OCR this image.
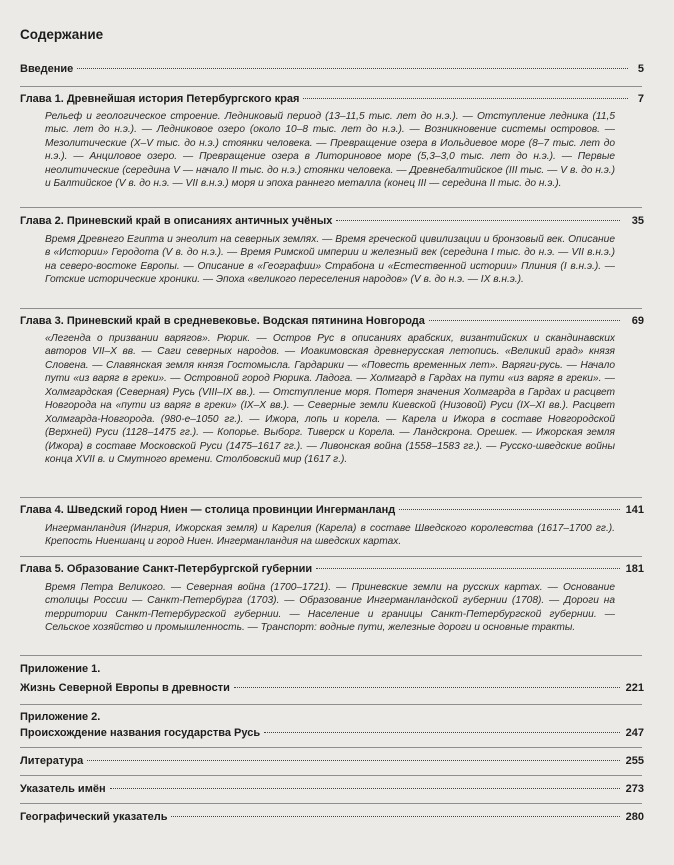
Содержание
Введение	5
Глава 1. Древнейшая история Петербургского края	7
Рельеф и геологическое строение. Ледниковый период (13–11,5 тыс. лет до н.э.). — Отступление ледника (11,5 тыс. лет до н.э.). — Ледниковое озеро (около 10–8 тыс. лет до н.э.). — Возникновение системы островов. — Мезолитические (X–V тыс. до н.э.) стоянки человека. — Превращение озера в Иольдиевое море (8–7 тыс. лет до н.э.). — Анциловое озеро. — Превращение озера в Литориновое море (5,3–3,0 тыс. лет до н.э.). — Первые неолитические (середина V — начало II тыс. до н.э.) стоянки человека. — Древнебалтийское (III тыс. — V в. до н.э.) и Балтийское (V в. до н.э. — VII в.н.э.) моря и эпоха раннего металла (конец III — середина II тыс. до н.э.).
Глава 2. Приневский край в описаниях античных учёных	35
Время Древнего Египта и энеолит на северных землях. — Время греческой цивилизации и бронзовый век. Описание в «Истории» Геродота (V в. до н.э.). — Время Римской империи и железный век (середина I тыс. до н.э. — VII в.н.э.) на северо-востоке Европы. — Описание в «Географии» Страбона и «Естественной истории» Плиния (I в.н.э.). — Готские исторические хроники. — Эпоха «великого переселения народов» (V в. до н.э. — IX в.н.э.).
Глава 3. Приневский край в средневековье. Водская пятинина Новгорода	69
«Легенда о призвании варягов». Рюрик. — Остров Рус в описаниях арабских, византийских и скандинавских авторов VII–X вв. — Саги северных народов. — Иоакимовская древнерусская летопись. «Великий град» князя Словена. — Славянская земля князя Гостомысла. Гардарики — «Повесть временных лет». Варяги-русь. — Начало пути «из варяг в греки». — Островной город Рюрика. Ладога. — Холмгард в Гардах на пути «из варяг в греки». — Холмгардская (Северная) Русь (VIII–IX вв.). — Отступление моря. Потеря значения Холмгарда в Гардах и расцвет Новгорода на «пути из варяг в греки» (IX–X вв.). — Северные земли Киевской (Низовой) Руси (IX–XI вв.). Расцвет Холмгарда-Новгорода. (980-е–1050 гг.). — Ижора, лопь и корела. — Карела и Ижора в составе Новгородской (Верхней) Руси (1128–1475 гг.). — Копорье. Выборг. Тиверск и Корела. — Ландскрона. Орешек. — Ижорская земля (Ижора) в составе Московской Руси (1475–1617 гг.). — Ливонская война (1558–1583 гг.). — Русско-шведские войны конца XVII в. и Смутного времени. Столбовский мир (1617 г.).
Глава 4. Шведский город Ниен — столица провинции Ингерманланд	141
Ингерманландия (Ингрия, Ижорская земля) и Карелия (Карела) в составе Шведского королевства (1617–1700 гг.). Крепость Ниеншанц и город Ниен. Ингерманландия на шведских картах.
Глава 5. Образование Санкт-Петербургской губернии	181
Время Петра Великого. — Северная война (1700–1721). — Приневские земли на русских картах. — Основание столицы России — Санкт-Петербурга (1703). — Образование Ингерманландской губернии (1708). — Дороги на территории Санкт-Петербургской губернии. — Население и границы Санкт-Петербургской губернии. — Сельское хозяйство и промышленность. — Транспорт: водные пути, железные дороги и основные тракты.
Приложение 1.
Жизнь Северной Европы в древности	221
Приложение 2.
Происхождение названия государства Русь	247
Литература	255
Указатель имён	273
Географический указатель	280
